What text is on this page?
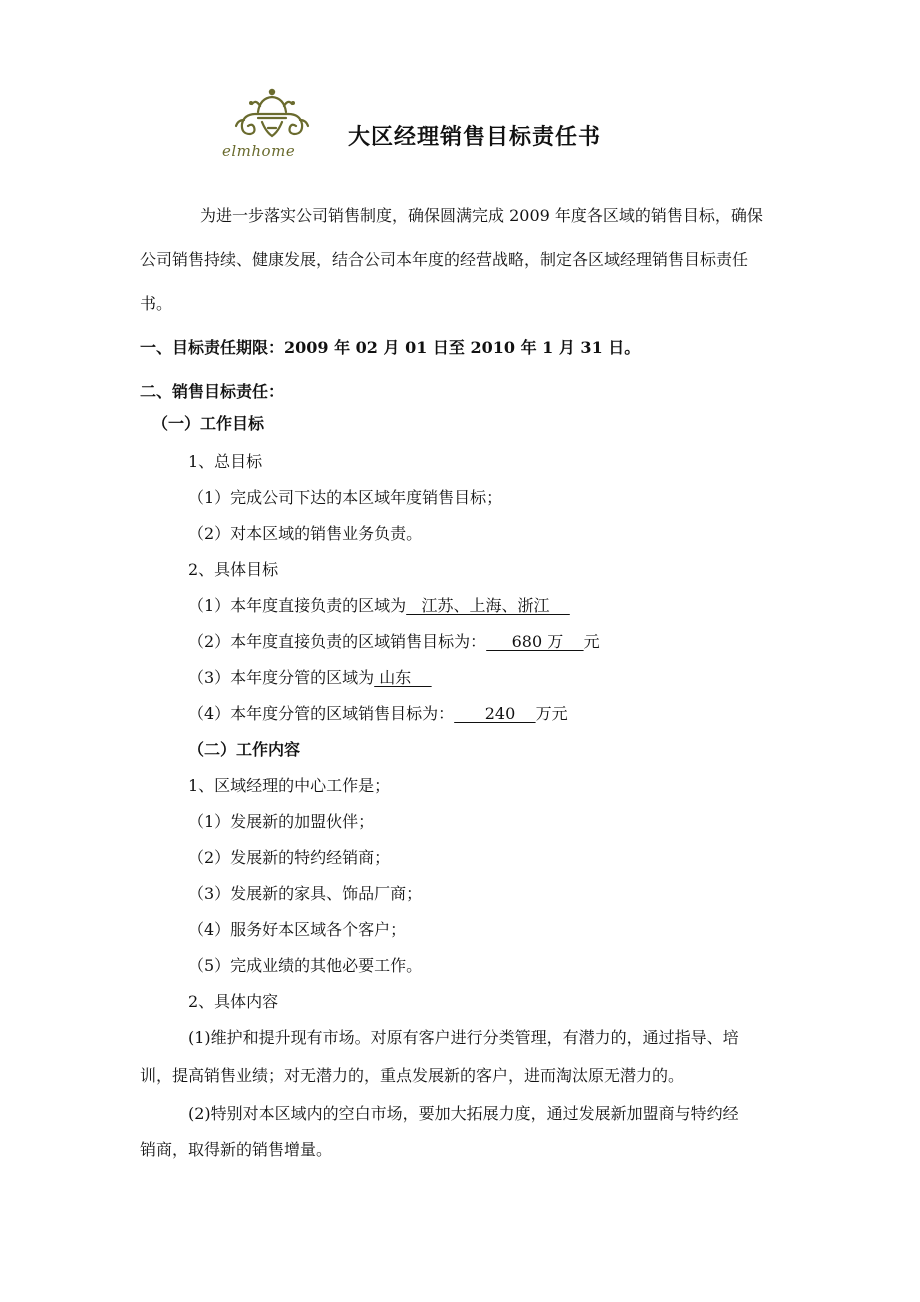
elmhome
大区经理销售目标责任书
为进一步落实公司销售制度，确保圆满完成 2009 年度各区域的销售目标，确保
公司销售持续、健康发展，结合公司本年度的经营战略，制定各区域经理销售目标责任
书。
一、目标责任期限：2009 年 02 月 01 日至 2010 年 1 月 31 日。
二、销售目标责任：
（一）工作目标
1、总目标
（1）完成公司下达的本区域年度销售目标；
（2）对本区域的销售业务负责。
2、具体目标
（1）本年度直接负责的区域为   江苏、上海、浙江
（2）本年度直接负责的区域销售目标为：     680 万    元
（3）本年度分管的区域为 山东
（4）本年度分管的区域销售目标为：      240    万元
（二）工作内容
1、区域经理的中心工作是；
（1）发展新的加盟伙伴；
（2）发展新的特约经销商；
（3）发展新的家具、饰品厂商；
（4）服务好本区域各个客户；
（5）完成业绩的其他必要工作。
2、具体内容
(1)维护和提升现有市场。对原有客户进行分类管理，有潜力的，通过指导、培
训，提高销售业绩；对无潜力的，重点发展新的客户，进而淘汰原无潜力的。
(2)特别对本区域内的空白市场，要加大拓展力度，通过发展新加盟商与特约经
销商，取得新的销售增量。
